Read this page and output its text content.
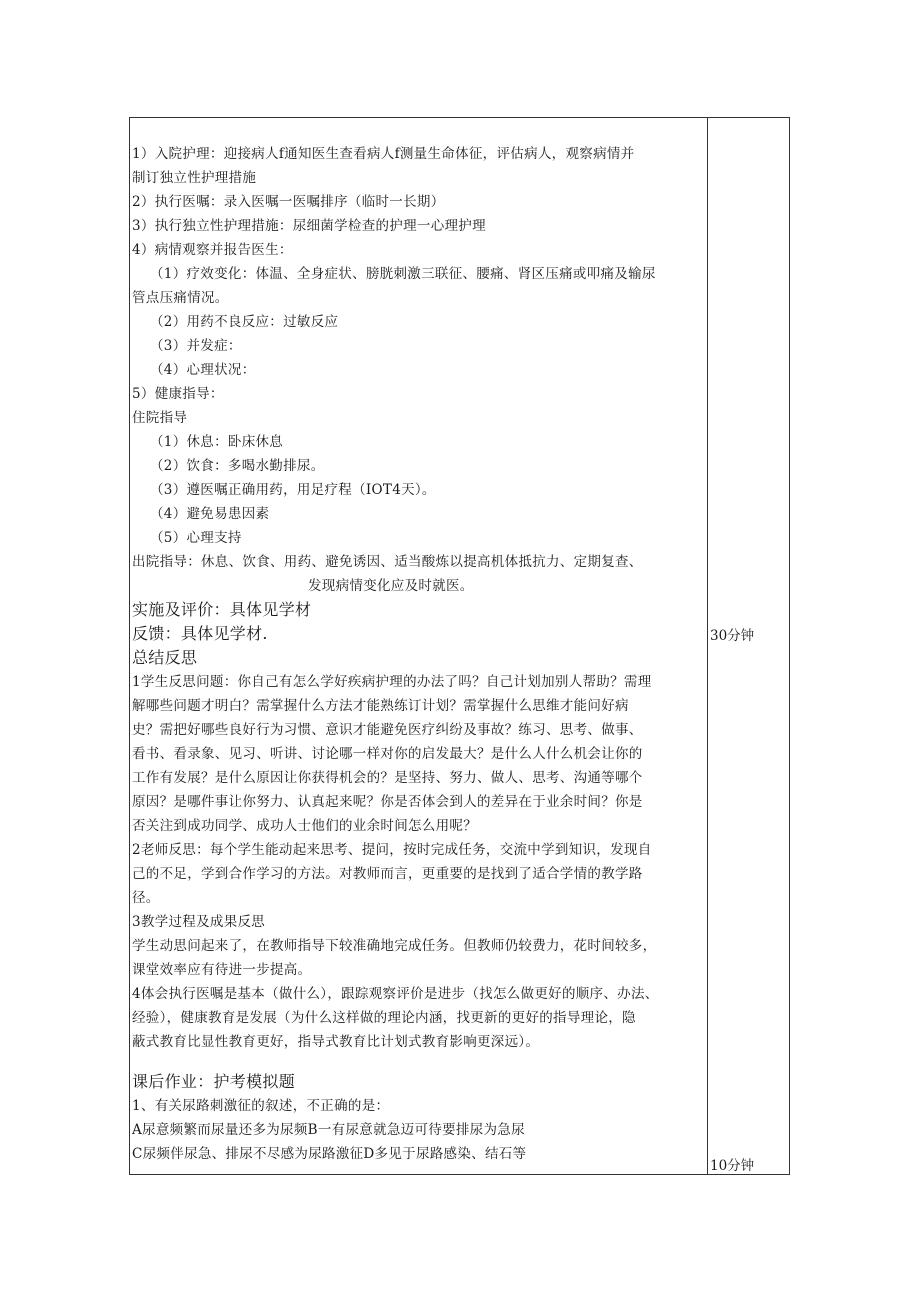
1）入院护理：迎接病人f通知医生查看病人f测量生命体征，评估病人，观察病情并
制订独立性护理措施
2）执行医嘱：录入医嘱一医嘱排序（临时一长期）
3）执行独立性护理措施：尿细菌学检查的护理一心理护理
4）病情观察并报告医生：
（1）疗效变化：体温、全身症状、膀胱刺激三联征、腰痛、肾区压痛或叩痛及输尿
管点压痛情况。
（2）用药不良反应：过敏反应
（3）并发症：
（4）心理状况：
5）健康指导：
住院指导
（1）休息：卧床休息
（2）饮食：多喝水勤排尿。
（3）遵医嘱正确用药，用足疗程（IOT4天）。
（4）避免易患因素
（5）心理支持
出院指导：休息、饮食、用药、避免诱因、适当酸炼以提高机体抵抗力、定期复查、
发现病情变化应及时就医。
实施及评价：具体见学材
反馈：具体见学材.
总结反思
1学生反思问题：你自己有怎么学好疾病护理的办法了吗？自己计划加别人帮助？需理
解哪些问题才明白？需掌握什么方法才能熟练订计划？需掌握什么思维才能问好病
史？需把好哪些良好行为习惯、意识才能避免医疗纠纷及事故？练习、思考、做事、
看书、看录象、见习、听讲、讨论哪一样对你的启发最大？是什么人什么机会让你的
工作有发展？是什么原因让你获得机会的？是坚持、努力、做人、思考、沟通等哪个
原因？是哪件事让你努力、认真起来呢？你是否体会到人的差异在于业余时间？你是
否关注到成功同学、成功人士他们的业余时间怎么用呢？
2老师反思：每个学生能动起来思考、提问，按时完成任务，交流中学到知识，发现自
己的不足，学到合作学习的方法。对教师而言，更重要的是找到了适合学情的教学路
径。
3教学过程及成果反思
学生动思问起来了，在教师指导下较准确地完成任务。但教师仍较费力，花时间较多，
课堂效率应有待进一步提高。
4体会执行医嘱是基本（做什么），跟踪观察评价是进步（找怎么做更好的顺序、办法、
经验），健康教育是发展（为什么这样做的理论内涵，找更新的更好的指导理论，隐
蔽式教育比显性教育更好，指导式教育比计划式教育影响更深远）。
课后作业：护考模拟题
1、有关尿路刺激征的叙述，不正确的是：
A尿意频繁而尿量还多为尿频B一有尿意就急迈可待要排尿为急尿
C尿频伴尿急、排尿不尽感为尿路激征D多见于尿路感染、结石等
30分钟
10分钟
